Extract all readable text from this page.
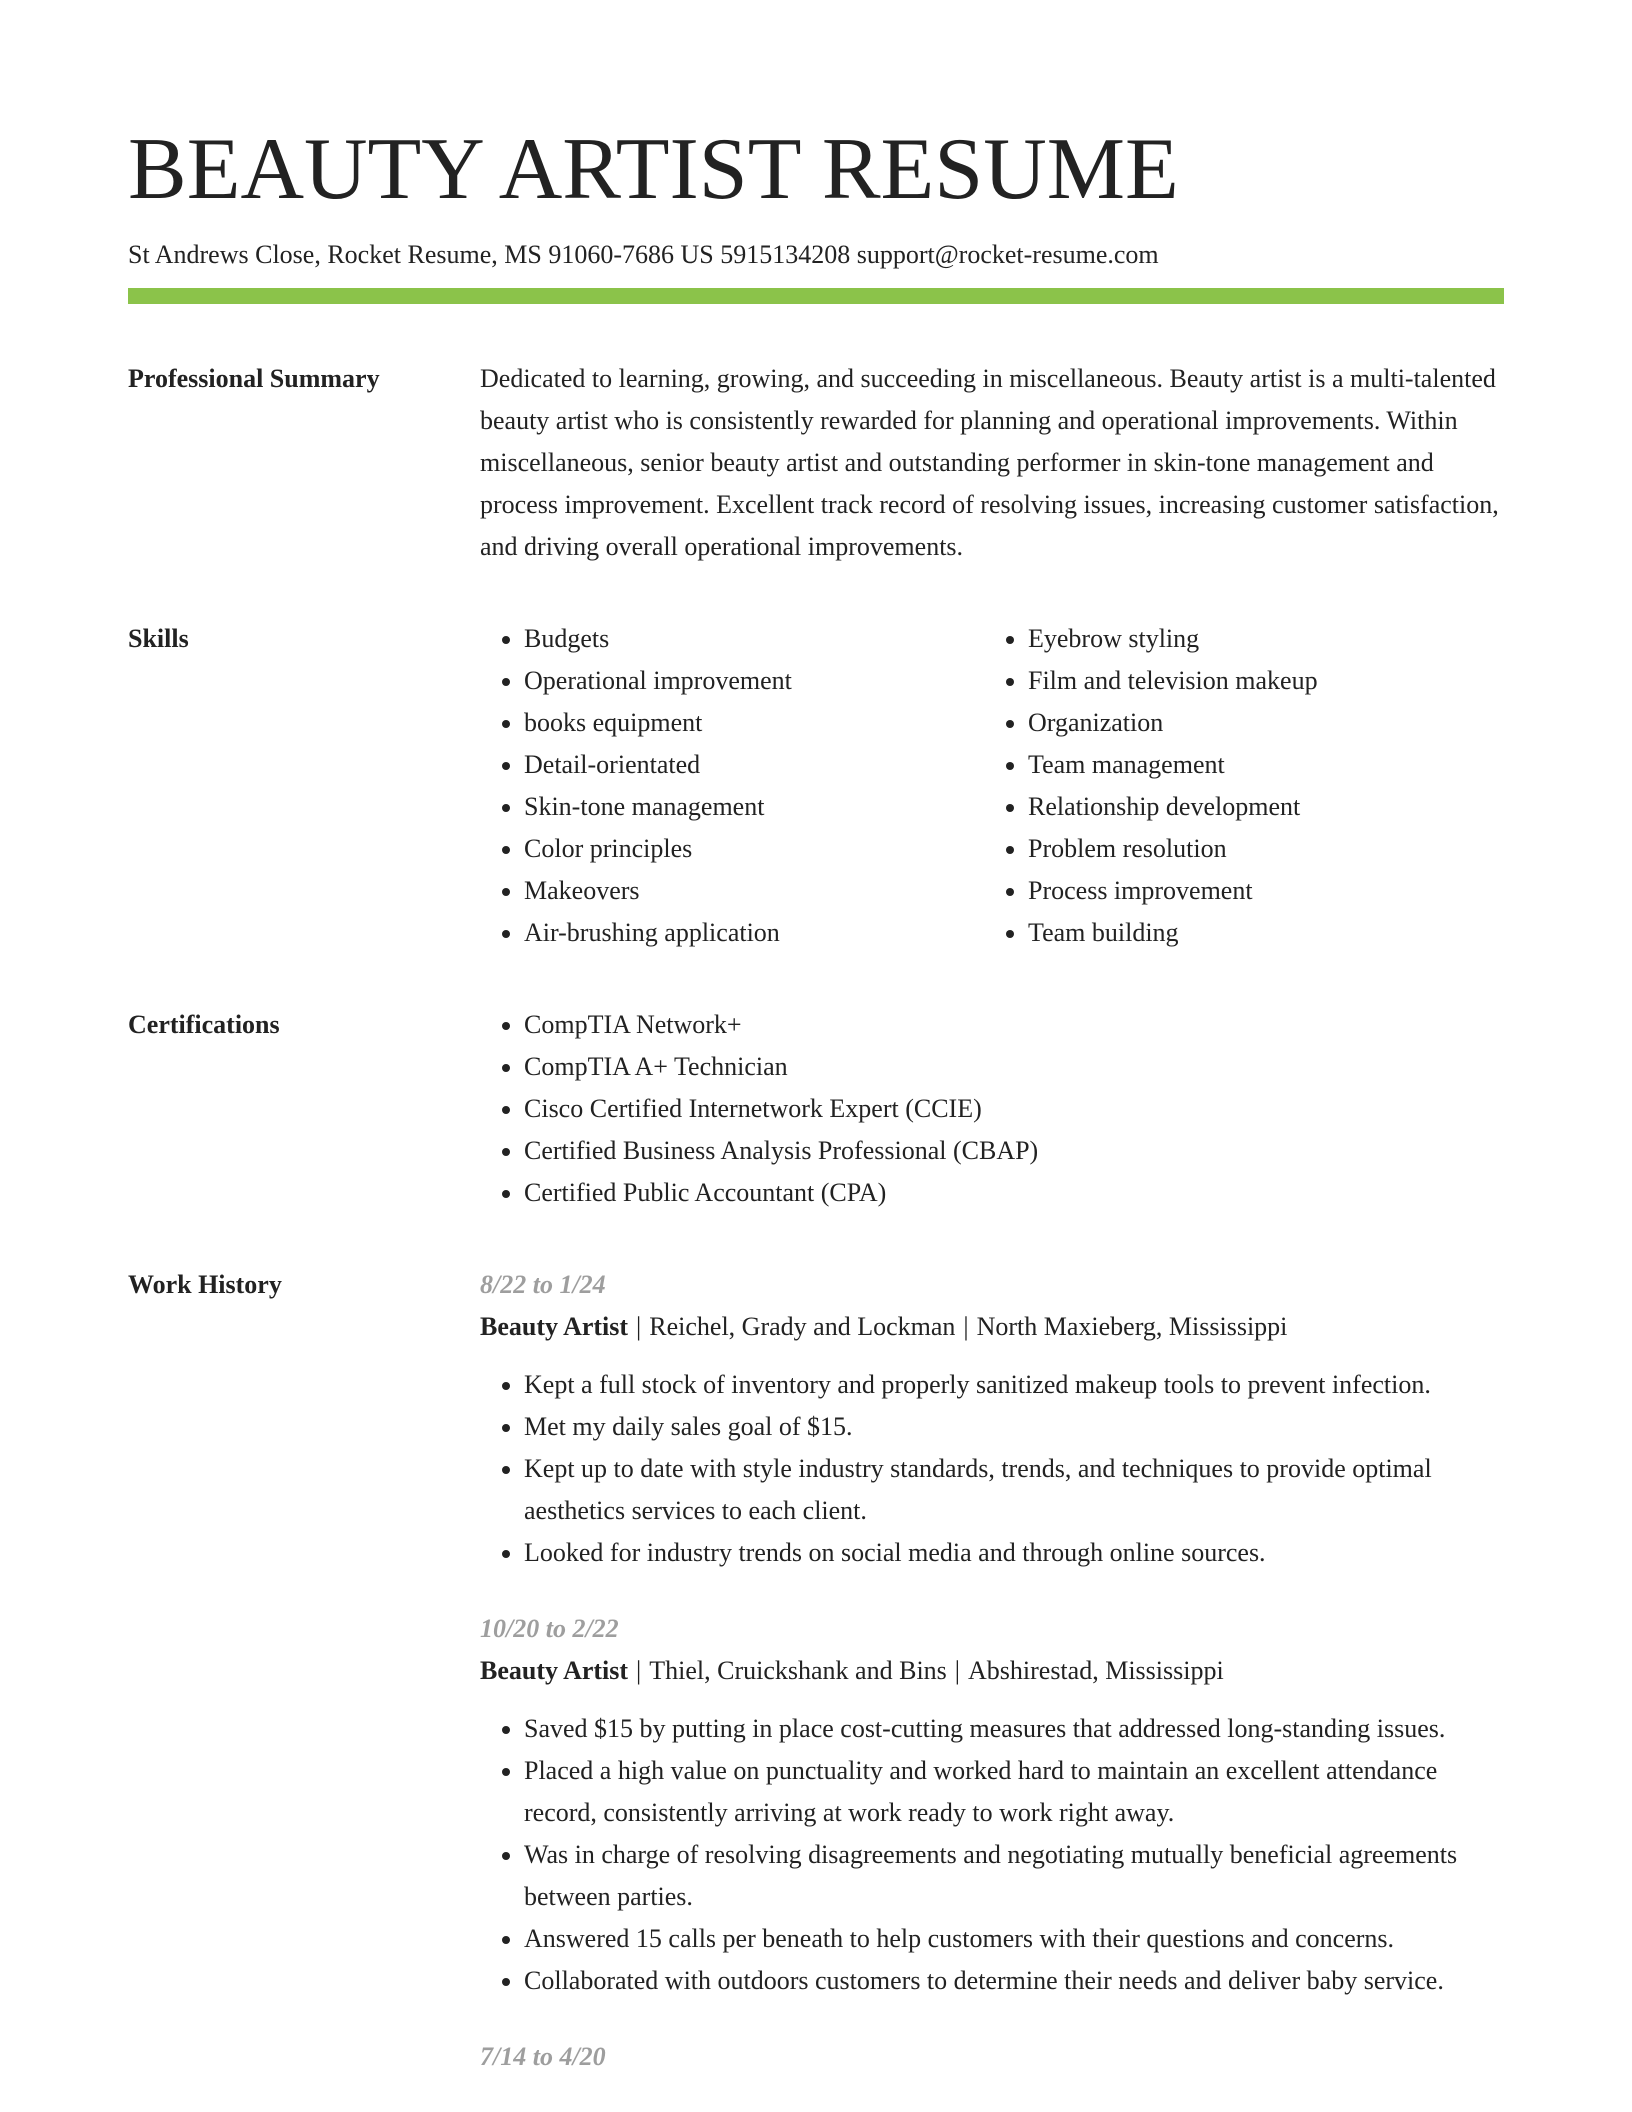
BEAUTY ARTIST RESUME
St Andrews Close, Rocket Resume, MS 91060-7686 US 5915134208 support@rocket-resume.com
Professional Summary	Dedicated to learning, growing, and succeeding in miscellaneous. Beauty artist is a multi-talented beauty artist who is consistently rewarded for planning and operational improvements. Within miscellaneous, senior beauty artist and outstanding performer in skin-tone management and process improvement. Excellent track record of resolving issues, increasing customer satisfaction, and driving overall operational improvements.

Skills	• Budgets
• Operational improvement
• books equipment
• Detail-orientated
• Skin-tone management
• Color principles
• Makeovers
• Air-brushing application
• Eyebrow styling
• Film and television makeup
• Organization
• Team management
• Relationship development
• Problem resolution
• Process improvement
• Team building
Certifications	• CompTIA Network+
• CompTIA A+ Technician
• Cisco Certified Internetwork Expert (CCIE)
• Certified Business Analysis Professional (CBAP)
• Certified Public Accountant (CPA)
Work History	8/22 to 1/24
Beauty Artist | Reichel, Grady and Lockman | North Maxieberg, Mississippi
• Kept a full stock of inventory and properly sanitized makeup tools to prevent infection.
• Met my daily sales goal of $15.
• Kept up to date with style industry standards, trends, and techniques to provide optimal aesthetics services to each client.
• Looked for industry trends on social media and through online sources.
10/20 to 2/22
Beauty Artist | Thiel, Cruickshank and Bins | Abshirestad, Mississippi
• Saved $15 by putting in place cost-cutting measures that addressed long-standing issues.
• Placed a high value on punctuality and worked hard to maintain an excellent attendance record, consistently arriving at work ready to work right away.
• Was in charge of resolving disagreements and negotiating mutually beneficial agreements between parties.
• Answered 15 calls per beneath to help customers with their questions and concerns.
• Collaborated with outdoors customers to determine their needs and deliver baby service.
7/14 to 4/20
